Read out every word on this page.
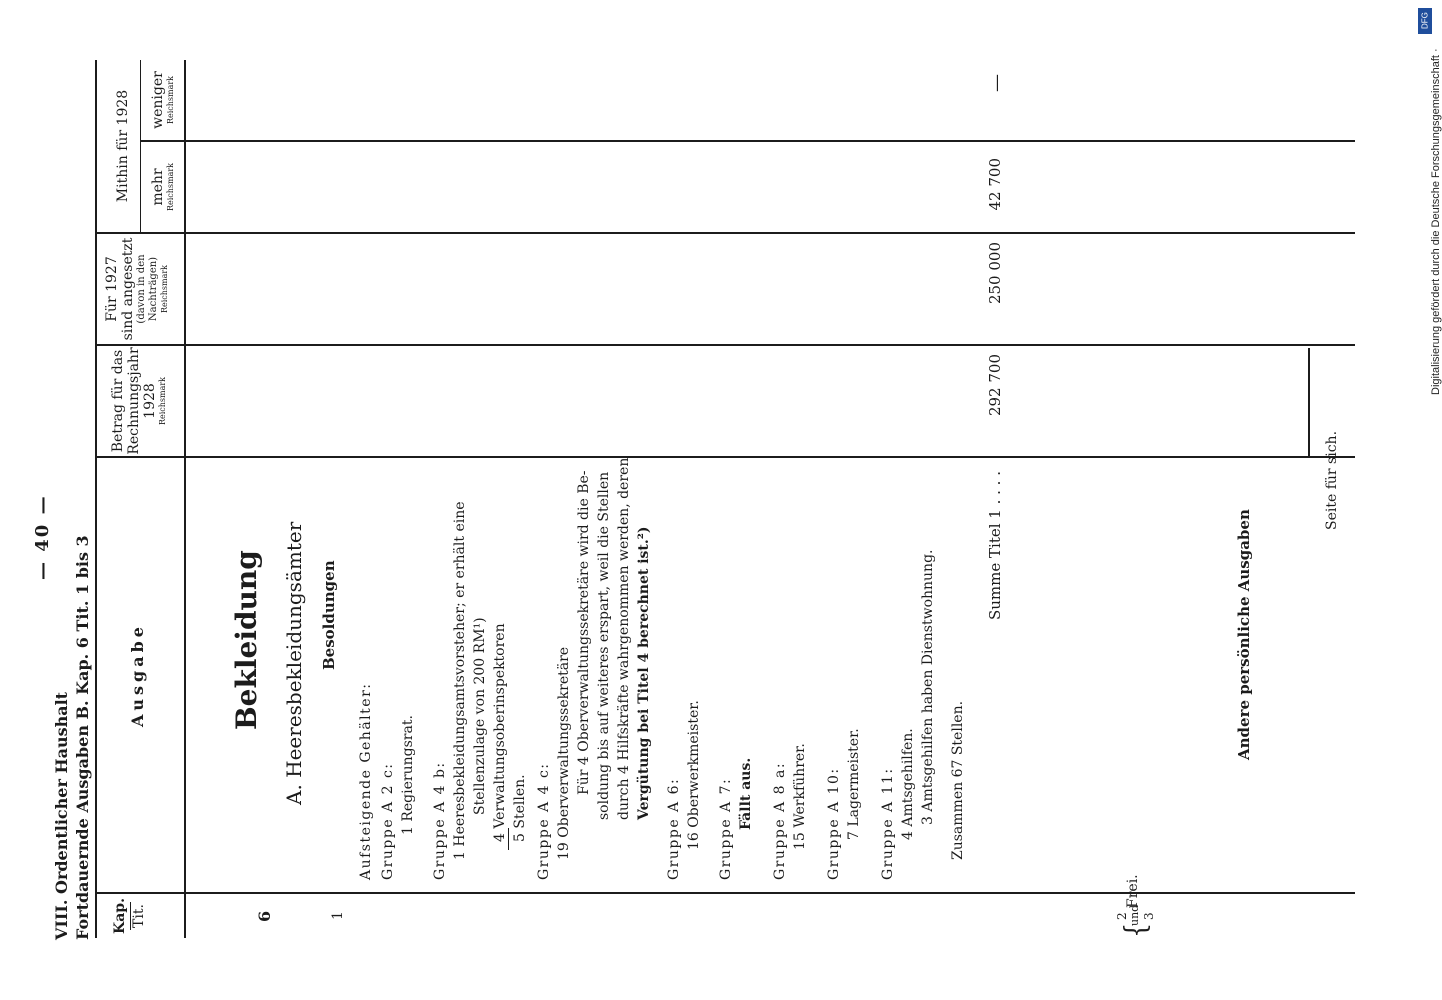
VIII. Ordentlicher Haushalt Fortdauernde Ausgaben B. Kap. 6 Tit. 1 bis 3
— 40 —
Kap. Tit.
Ausgabe
Betrag für das Rechnungsjahr 1928 Reichsmark
Für 1927 sind angesetzt (davon in den Nachträgen) Reichsmark
Mithin für 1928 mehr Reichsmark
weniger Reichsmark
6	1	2 und 3
Bekleidung A. Heeresbekleidungsämter Besoldungen
Aufsteigende Gehälter: Gruppe A 2 c: 1 Regierungsrat. Gruppe A 4 b: 1 Heeresbekleidungsamtsvorsteher; er erhält eine Stellenzulage von 200 RM¹) 4 Verwaltungsoberinspektoren 5 Stellen. Gruppe A 4 c: 19 Oberverwaltungssekretäre Für 4 Oberverwaltungssekretäre wird die Be- soldung bis auf weiteres erspart, weil die Stellen durch 4 Hilfskräfte wahrgenommen werden, deren Vergütung bei Titel 4 berechnet ist.²)
Gruppe A 6: 16 Oberwerkmeister. Gruppe A 7: Fällt aus. Gruppe A 8 a: 15 Werkführer. Gruppe A 10: 7 Lagermeister. Gruppe A 11: 4 Amtsgehilfen. 3 Amtsgehilfen haben Dienstwohnung. Zusammen 67 Stellen.
Summe Titel 1 . . . .
292 700
250 000
42 700
—
Andere persönliche Ausgaben
{
Frei.
Seite für sich.
Digitalisierung gefördert durch die Deutsche Forschungsgemeinschaft ·
DFG
